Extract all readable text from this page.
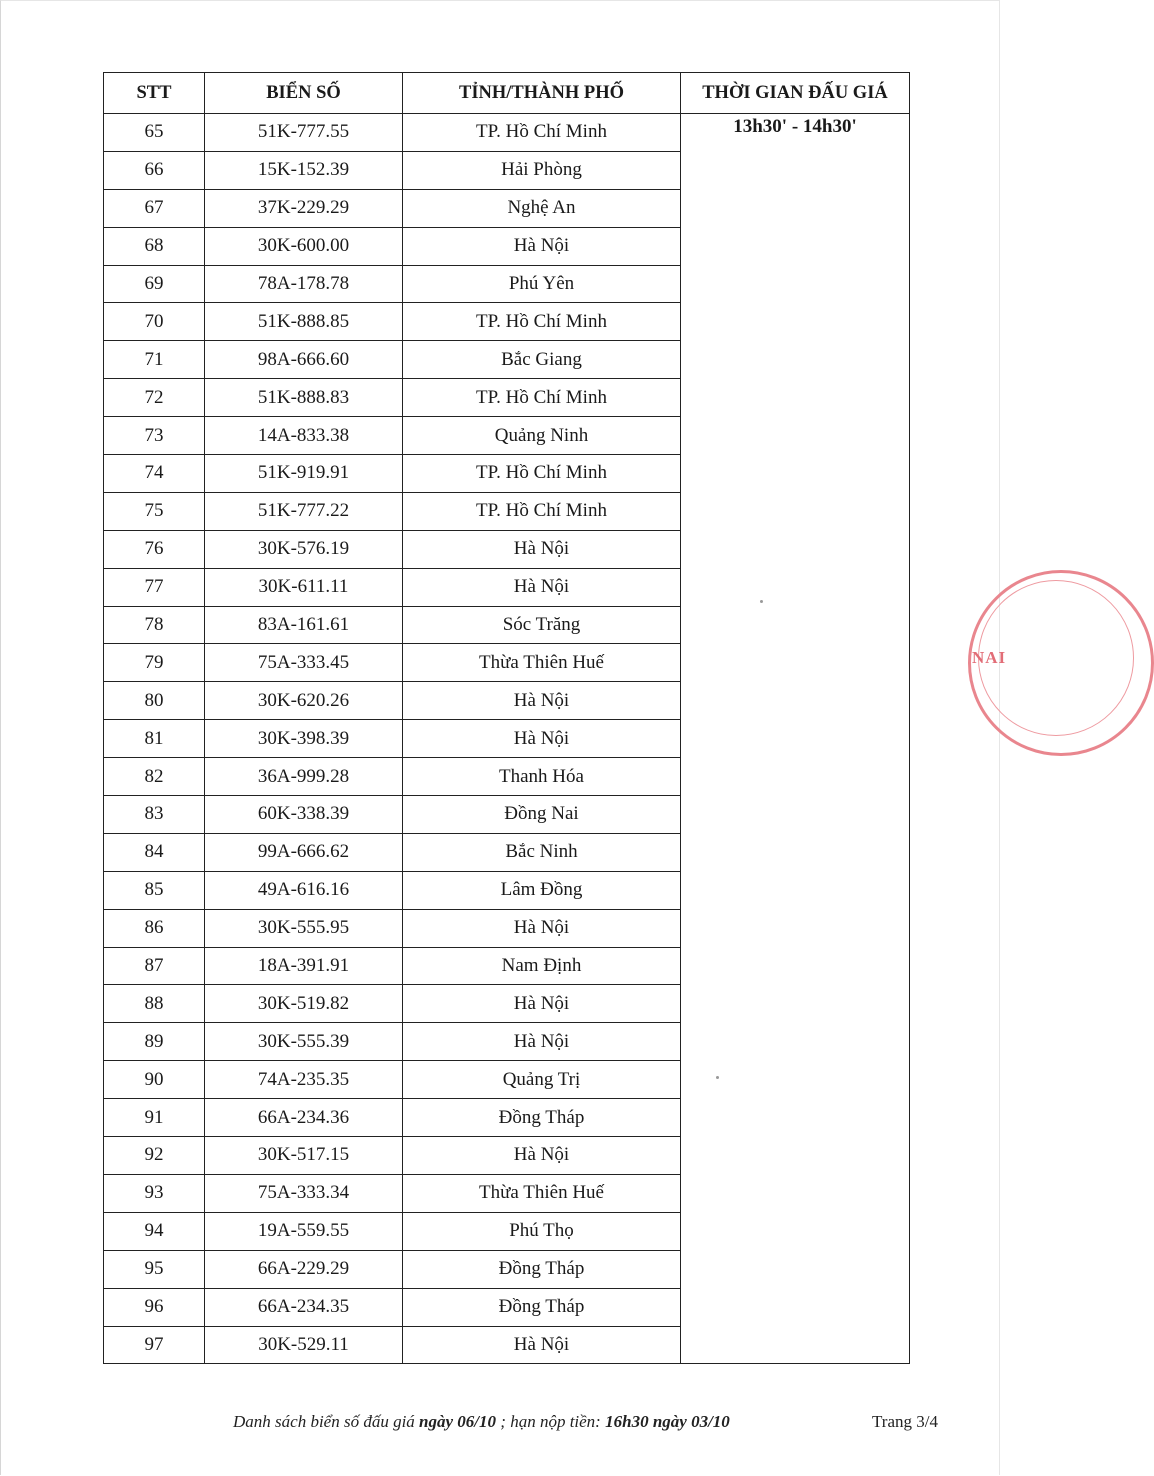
STT	BIỂN SỐ	TỈNH/THÀNH PHỐ	THỜI GIAN ĐẤU GIÁ
65	51K-777.55	TP. Hồ Chí Minh	13h30' - 14h30'
66	15K-152.39	Hải Phòng	
67	37K-229.29	Nghệ An	
68	30K-600.00	Hà Nội	
69	78A-178.78	Phú Yên	
70	51K-888.85	TP. Hồ Chí Minh	
71	98A-666.60	Bắc Giang	
72	51K-888.83	TP. Hồ Chí Minh	
73	14A-833.38	Quảng Ninh	
74	51K-919.91	TP. Hồ Chí Minh	
75	51K-777.22	TP. Hồ Chí Minh	
76	30K-576.19	Hà Nội	
77	30K-611.11	Hà Nội	
78	83A-161.61	Sóc Trăng	
79	75A-333.45	Thừa Thiên Huế	
80	30K-620.26	Hà Nội	
81	30K-398.39	Hà Nội	
82	36A-999.28	Thanh Hóa	
83	60K-338.39	Đồng Nai	
84	99A-666.62	Bắc Ninh	
85	49A-616.16	Lâm Đồng	
86	30K-555.95	Hà Nội	
87	18A-391.91	Nam Định	
88	30K-519.82	Hà Nội	
89	30K-555.39	Hà Nội	
90	74A-235.35	Quảng Trị	
91	66A-234.36	Đồng Tháp	
92	30K-517.15	Hà Nội	
93	75A-333.34	Thừa Thiên Huế	
94	19A-559.55	Phú Thọ	
95	66A-229.29	Đồng Tháp	
96	66A-234.35	Đồng Tháp	
97	30K-529.11	Hà Nội	
NAI
Danh sách biển số đấu giá ngày 06/10 ; hạn nộp tiền: 16h30 ngày 03/10	Trang 3/4
